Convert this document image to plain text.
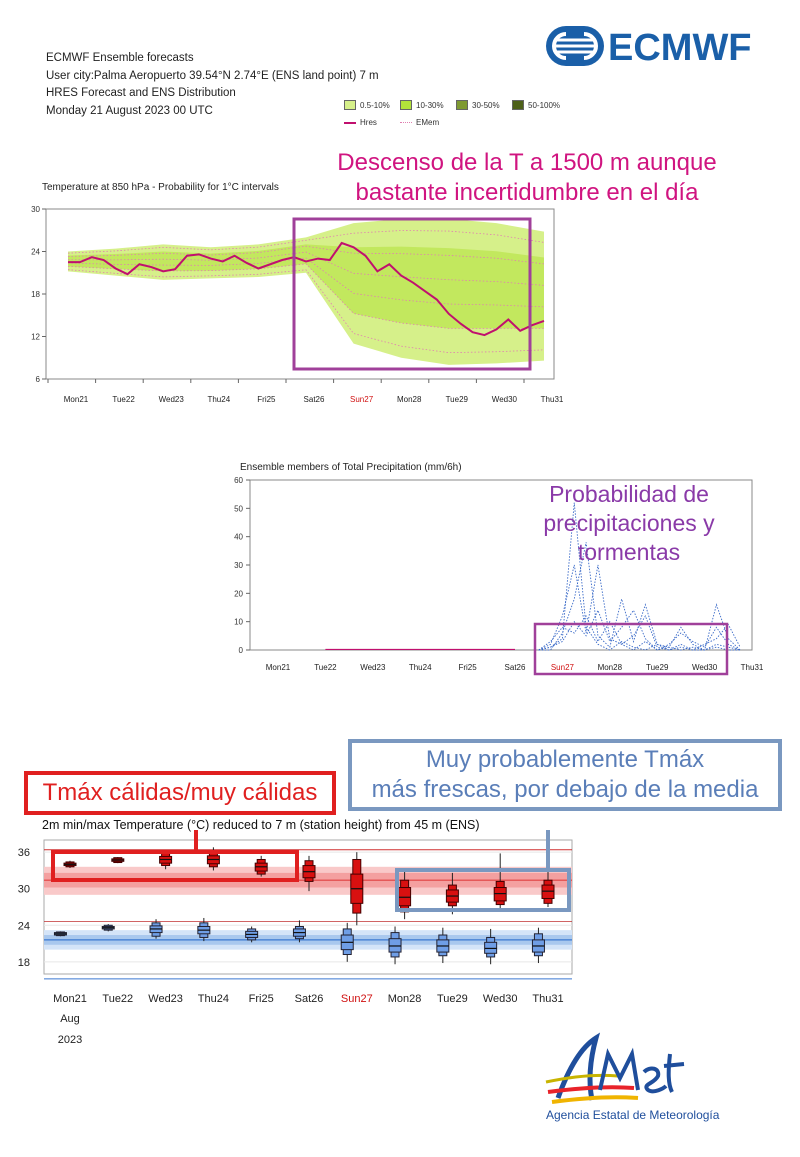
ECMWF Ensemble forecasts
User city:Palma Aeropuerto 39.54°N 2.74°E (ENS land point) 7 m
HRES Forecast and ENS Distribution
Monday 21 August 2023 00 UTC
ECMWF
0.5-10%	10-30%	30-50%	50-100%
Hres	EMem
Descenso de la T a 1500 m aunque bastante incertidumbre en el día
Temperature at 850 hPa - Probability for 1°C intervals
6
12
18
24
30
Mon21	Tue22	Wed23	Thu24	Fri25	Sat26	Sun27	Mon28	Tue29	Wed30	Thu31
Ensemble members of Total Precipitation (mm/6h)
0
10
20
30
40
50
60
Mon21	Tue22	Wed23	Thu24	Fri25	Sat26	Sun27	Mon28	Tue29	Wed30	Thu31
Probabilidad de precipitaciones y tormentas
18
24
30
36
Mon21 Tue22 Wed23 Thu24 Fri25 Sat26 Sun27 Mon28 Tue29 Wed30 Thu31
Aug
2023
2m min/max Temperature (°C) reduced to 7 m (station height) from 45 m (ENS)
Tmáx cálidas/muy cálidas
Muy probablemente Tmáx
más frescas, por debajo de la media
Agencia Estatal de Meteorología
